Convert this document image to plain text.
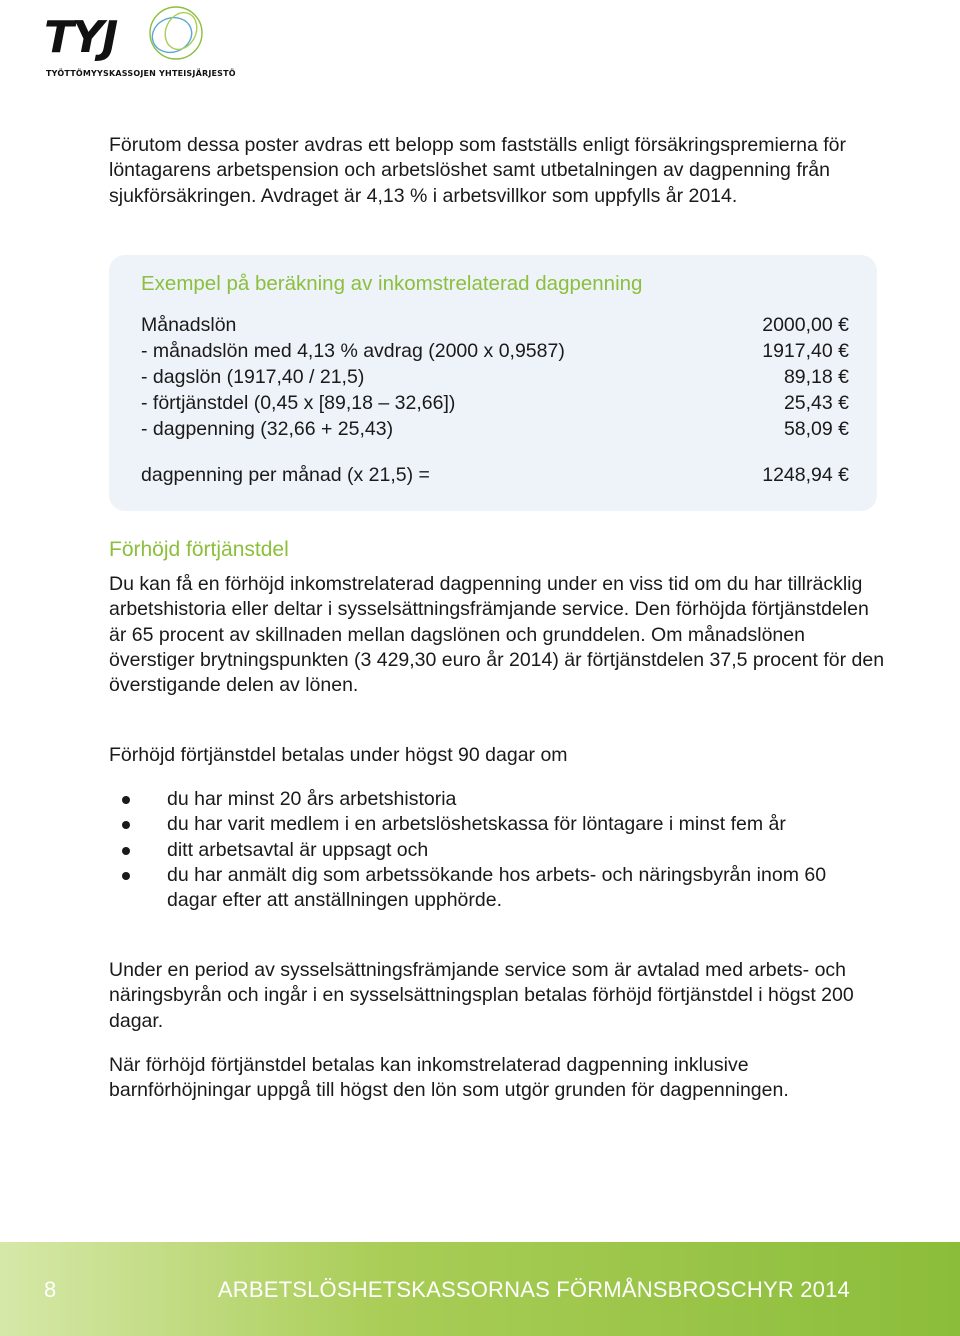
TYJ
TYÖTTÖMYYSKASSOJEN YHTEISJÄRJESTÖ

Förutom dessa poster avdras ett belopp som fastställs enligt försäkringspremierna för löntagarens arbetspension och arbetslöshet samt utbetalningen av dagpenning från sjukförsäkringen. Avdraget är 4,13 % i arbetsvillkor som uppfylls år 2014.

Exempel på beräkning av inkomstrelaterad dagpenning
Månadslön	2000,00 €
- månadslön med 4,13 % avdrag (2000 x 0,9587)	1917,40 €
- dagslön (1917,40 / 21,5)	89,18 €
- förtjänstdel (0,45 x [89,18 – 32,66])	25,43 €
- dagpenning (32,66 + 25,43)	58,09 €
dagpenning per månad (x 21,5) =	1248,94 €
Förhöjd förtjänstdel

Du kan få en förhöjd inkomstrelaterad dagpenning under en viss tid om du har tillräcklig arbetshistoria eller deltar i sysselsättningsfrämjande service. Den förhöjda förtjänstdelen är 65 procent av skillnaden mellan dagslönen och grunddelen. Om månadslönen överstiger brytningspunkten (3 429,30 euro år 2014) är förtjänstdelen 37,5 procent för den överstigande delen av lönen.

Förhöjd förtjänstdel betalas under högst 90 dagar om

du har minst 20 års arbetshistoria
du har varit medlem i en arbetslöshetskassa för löntagare i minst fem år
ditt arbetsavtal är uppsagt och
du har anmält dig som arbetssökande hos arbets- och näringsbyrån inom 60 dagar efter att anställningen upphörde.

Under en period av sysselsättningsfrämjande service som är avtalad med arbets- och näringsbyrån och ingår i en sysselsättningsplan betalas förhöjd förtjänstdel i högst 200 dagar.

När förhöjd förtjänstdel betalas kan inkomstrelaterad dagpenning inklusive barnförhöjningar uppgå till högst den lön som utgör grunden för dagpenningen.

8	ARBETSLÖSHETSKASSORNAS FÖRMÅNSBROSCHYR 2014
